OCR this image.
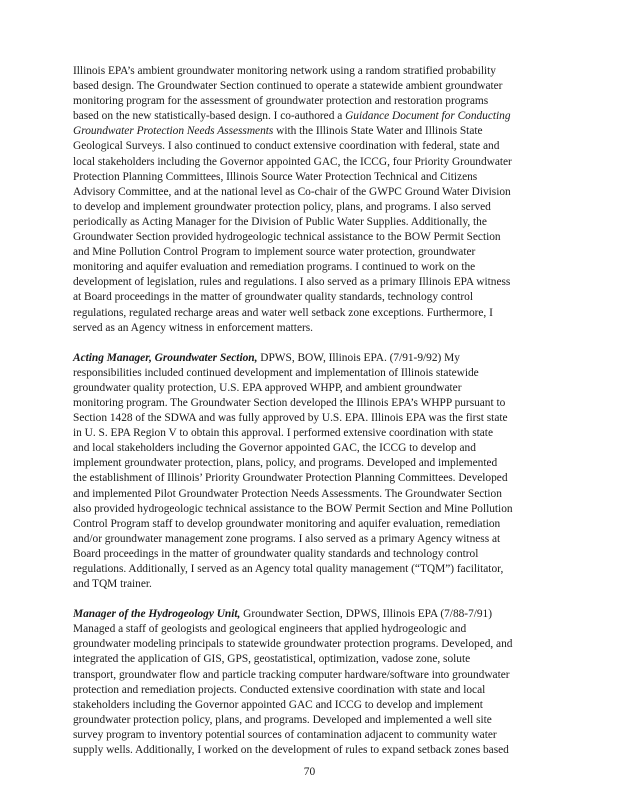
Illinois EPA’s ambient groundwater monitoring network using a random stratified probability
based design. The Groundwater Section continued to operate a statewide ambient groundwater
monitoring program for the assessment of groundwater protection and restoration programs
based on the new statistically-based design. I co-authored a Guidance Document for Conducting
Groundwater Protection Needs Assessments with the Illinois State Water and Illinois State
Geological Surveys. I also continued to conduct extensive coordination with federal, state and
local stakeholders including the Governor appointed GAC, the ICCG, four Priority Groundwater
Protection Planning Committees, Illinois Source Water Protection Technical and Citizens
Advisory Committee, and at the national level as Co-chair of the GWPC Ground Water Division
to develop and implement groundwater protection policy, plans, and programs. I also served
periodically as Acting Manager for the Division of Public Water Supplies. Additionally, the
Groundwater Section provided hydrogeologic technical assistance to the BOW Permit Section
and Mine Pollution Control Program to implement source water protection, groundwater
monitoring and aquifer evaluation and remediation programs. I continued to work on the
development of legislation, rules and regulations. I also served as a primary Illinois EPA witness
at Board proceedings in the matter of groundwater quality standards, technology control
regulations, regulated recharge areas and water well setback zone exceptions. Furthermore, I
served as an Agency witness in enforcement matters.
Acting Manager, Groundwater Section, DPWS, BOW, Illinois EPA. (7/91-9/92) My
responsibilities included continued development and implementation of Illinois statewide
groundwater quality protection, U.S. EPA approved WHPP, and ambient groundwater
monitoring program. The Groundwater Section developed the Illinois EPA’s WHPP pursuant to
Section 1428 of the SDWA and was fully approved by U.S. EPA. Illinois EPA was the first state
in U. S. EPA Region V to obtain this approval. I performed extensive coordination with state
and local stakeholders including the Governor appointed GAC, the ICCG to develop and
implement groundwater protection, plans, policy, and programs. Developed and implemented
the establishment of Illinois’ Priority Groundwater Protection Planning Committees. Developed
and implemented Pilot Groundwater Protection Needs Assessments. The Groundwater Section
also provided hydrogeologic technical assistance to the BOW Permit Section and Mine Pollution
Control Program staff to develop groundwater monitoring and aquifer evaluation, remediation
and/or groundwater management zone programs. I also served as a primary Agency witness at
Board proceedings in the matter of groundwater quality standards and technology control
regulations. Additionally, I served as an Agency total quality management (“TQM”) facilitator,
and TQM trainer.
Manager of the Hydrogeology Unit, Groundwater Section, DPWS, Illinois EPA (7/88-7/91)
Managed a staff of geologists and geological engineers that applied hydrogeologic and
groundwater modeling principals to statewide groundwater protection programs. Developed, and
integrated the application of GIS, GPS, geostatistical, optimization, vadose zone, solute
transport, groundwater flow and particle tracking computer hardware/software into groundwater
protection and remediation projects. Conducted extensive coordination with state and local
stakeholders including the Governor appointed GAC and ICCG to develop and implement
groundwater protection policy, plans, and programs. Developed and implemented a well site
survey program to inventory potential sources of contamination adjacent to community water
supply wells. Additionally, I worked on the development of rules to expand setback zones based
70
